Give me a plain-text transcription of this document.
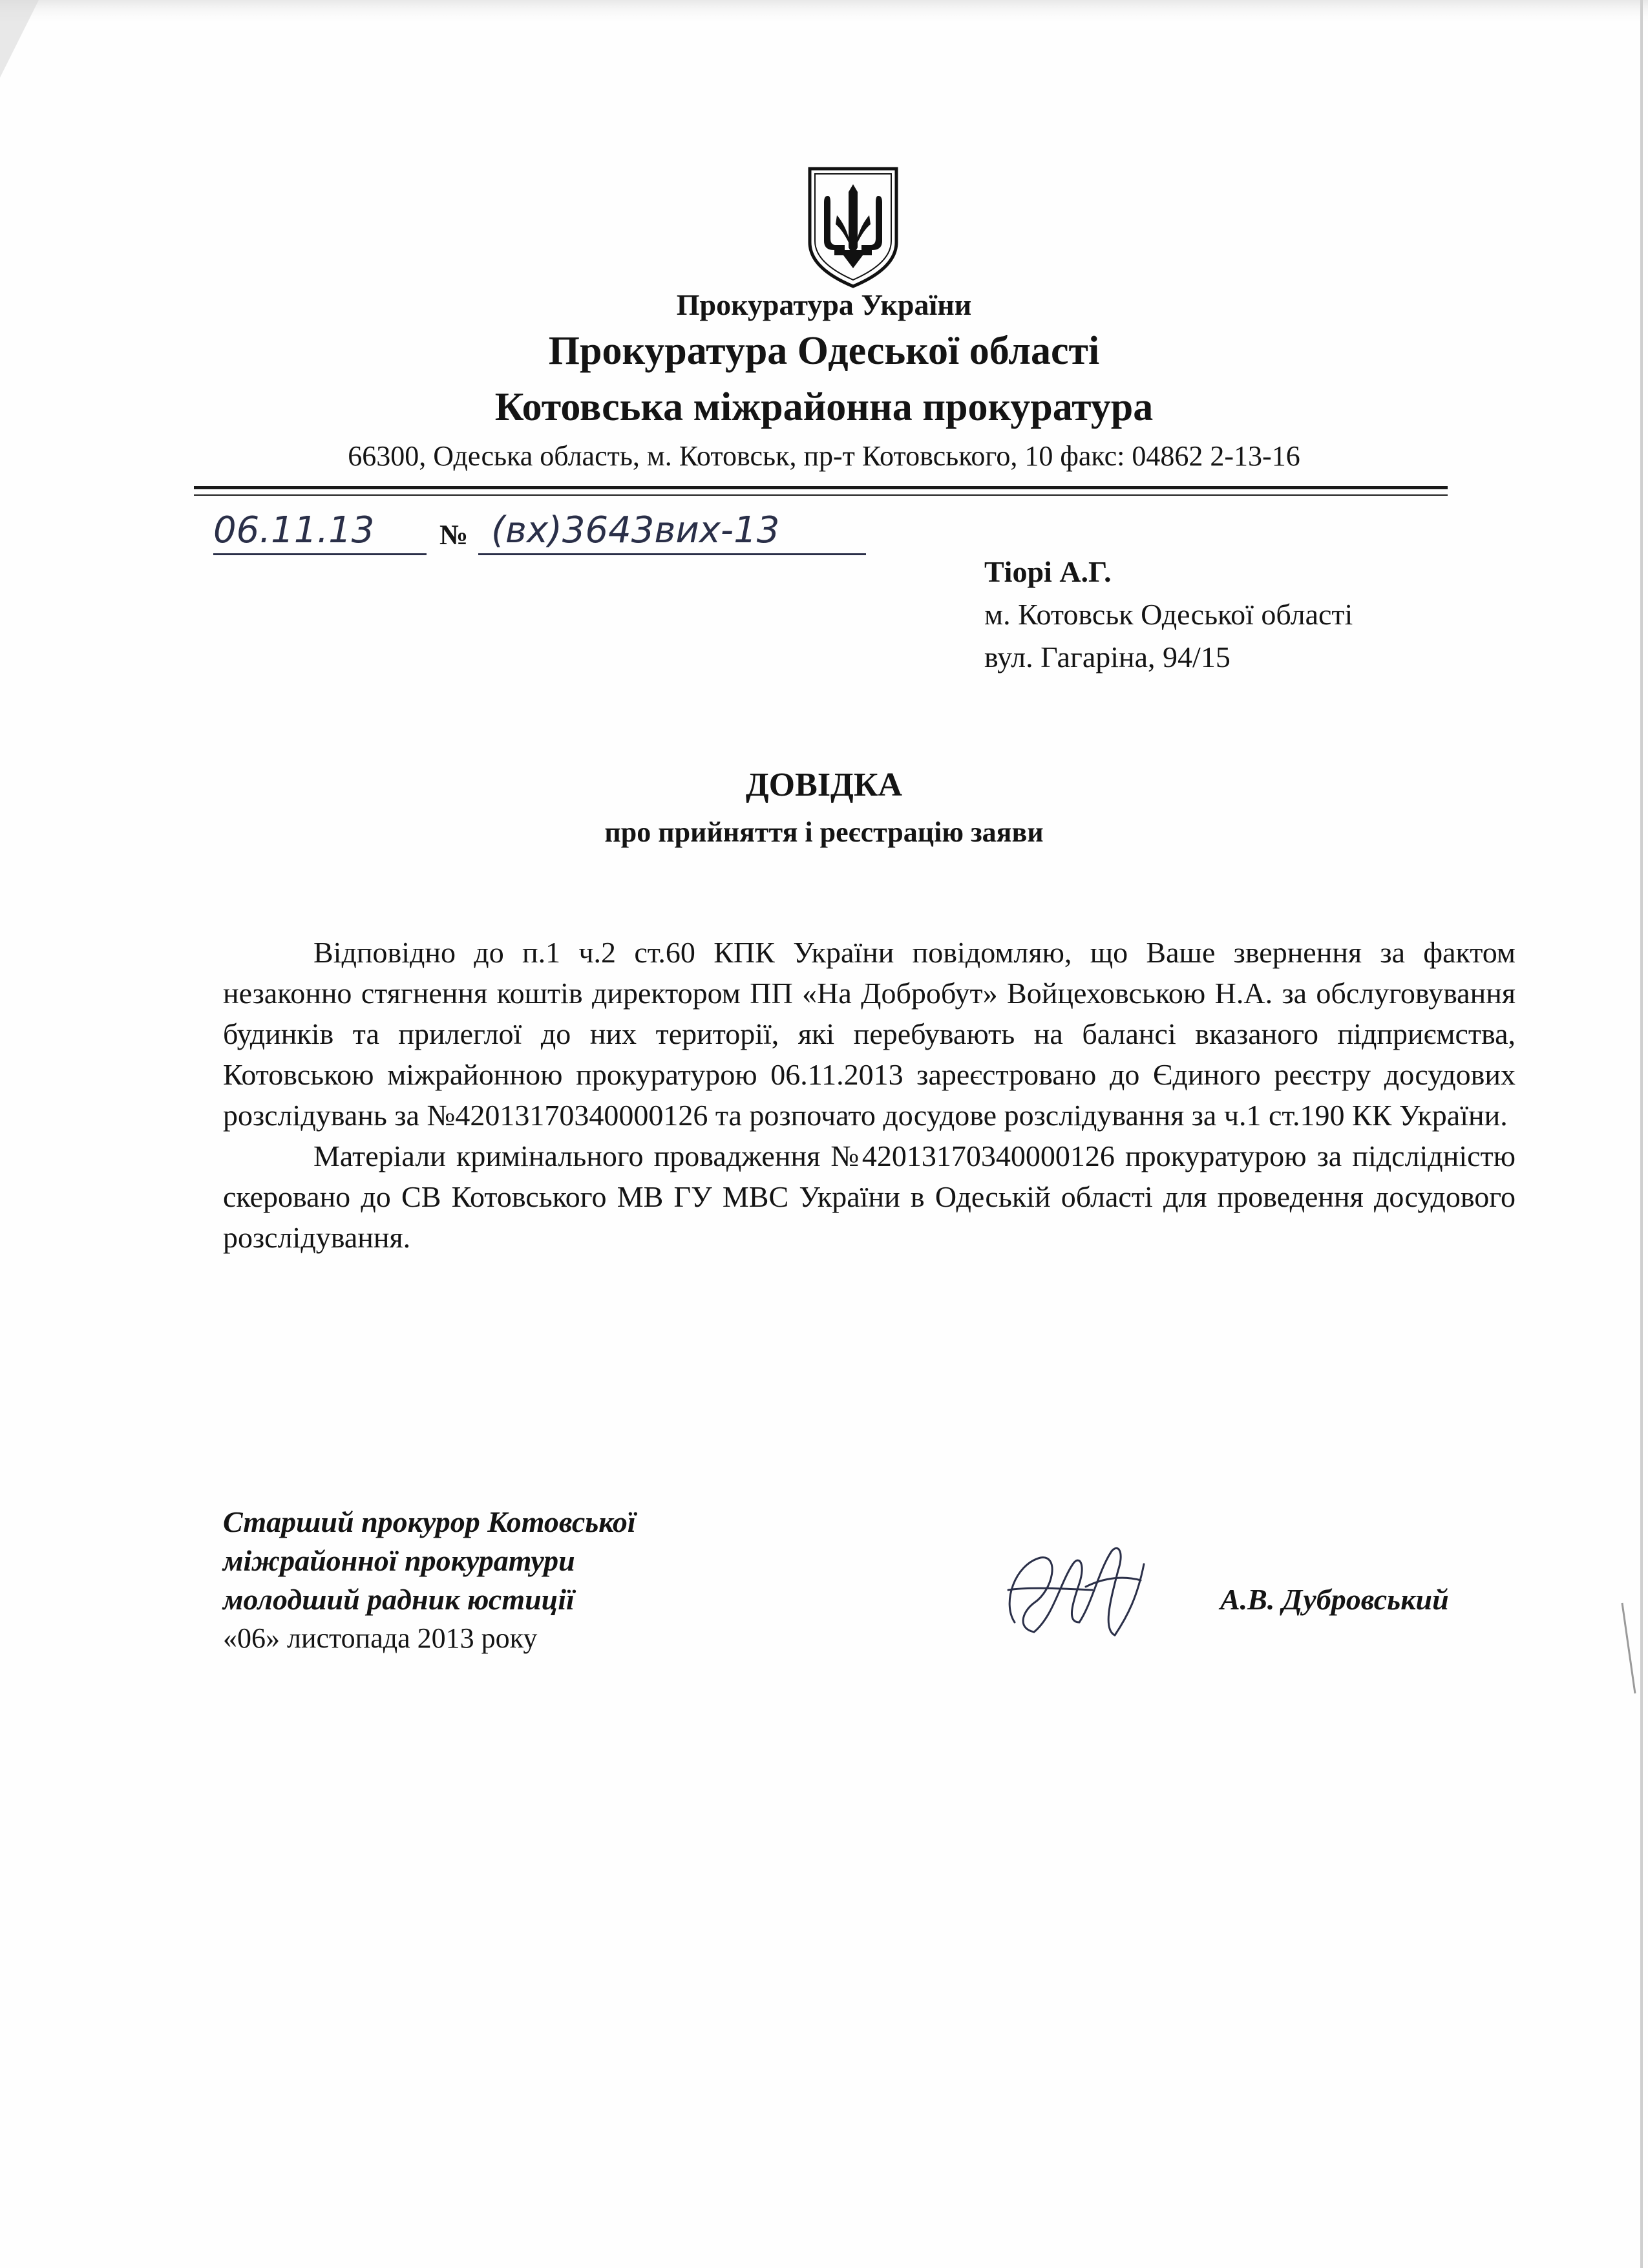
Прокуратура України
Прокуратура Одеської області
Котовська міжрайонна прокуратура
66300, Одеська область, м. Котовськ, пр-т Котовського, 10 факс: 04862 2-13-16
06.11.13 № (вх)3643вих-13
Тіорі А.Г.
м. Котовськ Одеської області
вул. Гагаріна, 94/15
ДОВІДКА
про прийняття і реєстрацію заяви

Відповідно до п.1 ч.2 ст.60 КПК України повідомляю, що Ваше звернення за фактом незаконно стягнення коштів директором ПП «На Добробут» Войцеховською Н.А. за обслуговування будинків та прилеглої до них території, які перебувають на балансі вказаного підприємства, Котовською міжрайонною прокуратурою 06.11.2013 зареєстровано до Єдиного реєстру досудових розслідувань за №42013170340000126 та розпочато досудове розслідування за ч.1 ст.190 КК України.

Матеріали кримінального провадження №42013170340000126 прокуратурою за підслідністю скеровано до СВ Котовського МВ ГУ МВС України в Одеській області для проведення досудового розслідування.

Старший прокурор Котовської
міжрайонної прокуратури
молодший радник юстиції
«06» листопада 2013 року
А.В. Дубровський
